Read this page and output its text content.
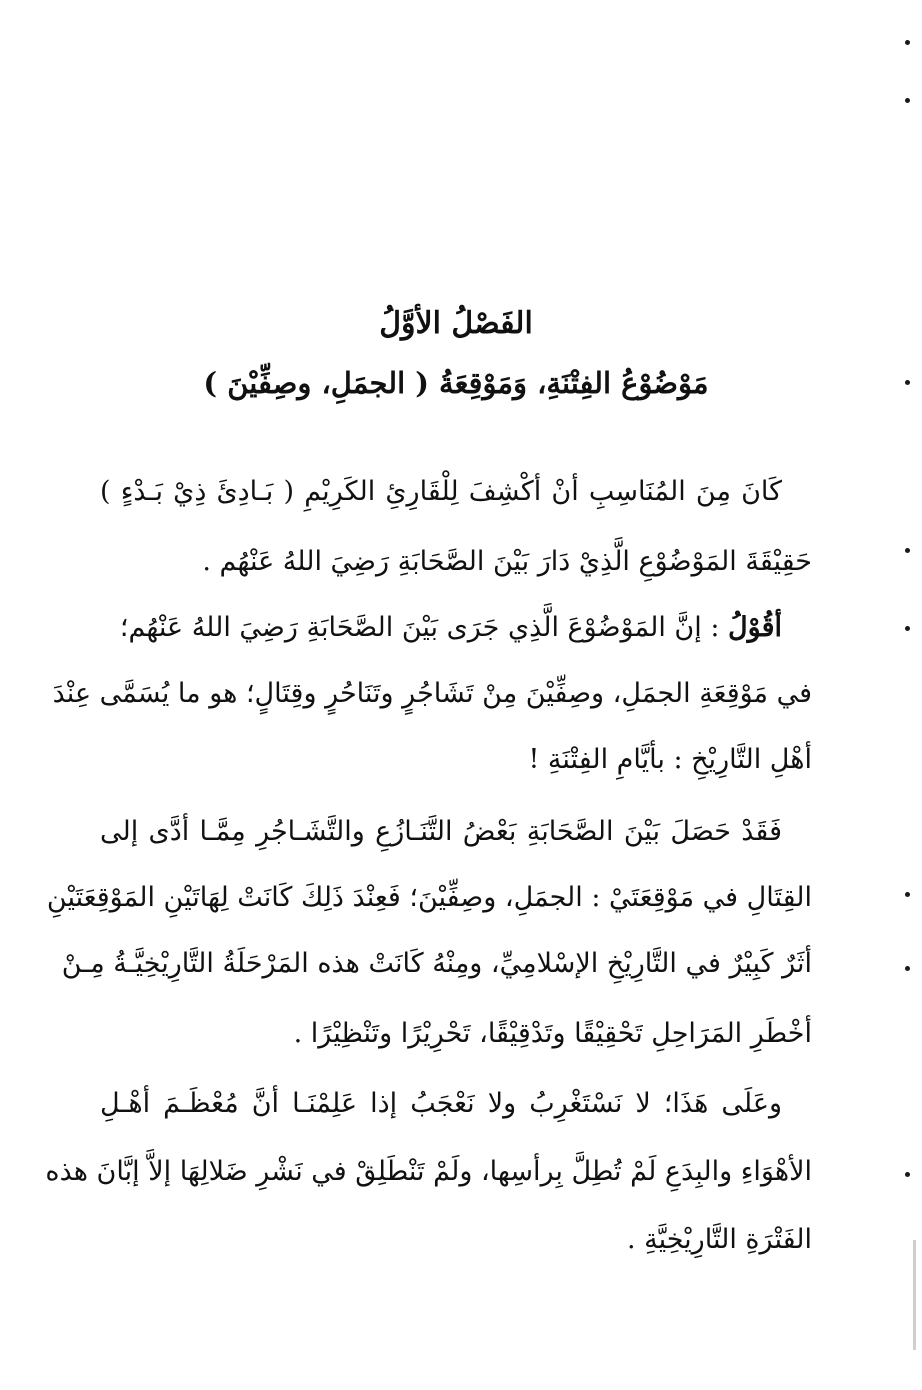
الفَصْلُ الأوَّلُ
مَوْضُوْعُ الفِتْنَةِ، وَمَوْقِعَةُ ( الجمَلِ، وصِفِّيْنَ )
كَانَ مِنَ المُنَاسِبِ أنْ أكْشِفَ لِلْقَارِئِ الكَرِيْمِ ( بَـادِئَ ذِيْ بَـدْءٍ )
حَقِيْقَةَ المَوْضُوْعِ الَّذِيْ دَارَ بَيْنَ الصَّحَابَةِ رَضِيَ اللهُ عَنْهُم .
أقُوْلُ : إنَّ المَوْضُوْعَ الَّذِي جَرَى بَيْنَ الصَّحَابَةِ رَضِيَ اللهُ عَنْهُم؛
في مَوْقِعَةِ الجمَلِ، وصِفِّيْنَ مِنْ تَشَاجُرٍ وتَنَاحُرٍ وقِتَالٍ؛ هو ما يُسَمَّى عِنْدَ
أهْلِ التَّارِيْخِ : بأيَّامِ الفِتْنَةِ !
فَقَدْ حَصَلَ بَيْنَ الصَّحَابَةِ بَعْضُ التَّنَـازُعِ والتَّشَـاجُرِ مِمَّـا أدَّى إلى
القِتَالِ في مَوْقِعَتَيْ : الجمَلِ، وصِفِّيْنَ؛ فَعِنْدَ ذَلِكَ كَانَتْ لِهَاتَيْنِ المَوْقِعَتَيْنِ
أثَرٌ كَبِيْرٌ في التَّارِيْخِ الإسْلامِيِّ، ومِنْهُ كَانَتْ هذه المَرْحَلَةُ التَّارِيْخِيَّـةُ مِـنْ
أخْطَرِ المَرَاحِلِ تَحْقِيْقًا وتَدْقِيْقًا، تَحْرِيْرًا وتَنْظِيْرًا .
وعَلَى هَذَا؛ لا نَسْتَغْرِبُ ولا نَعْجَبُ إذا عَلِمْنَـا أنَّ مُعْظَـمَ أهْـلِ
الأهْوَاءِ والبِدَعِ لَمْ تُطِلَّ بِرأسِها، ولَمْ تَنْطَلِقْ في نَشْرِ ضَلالِهَا إلاَّ إبَّانَ هذه
الفَتْرَةِ التَّارِيْخِيَّةِ .
